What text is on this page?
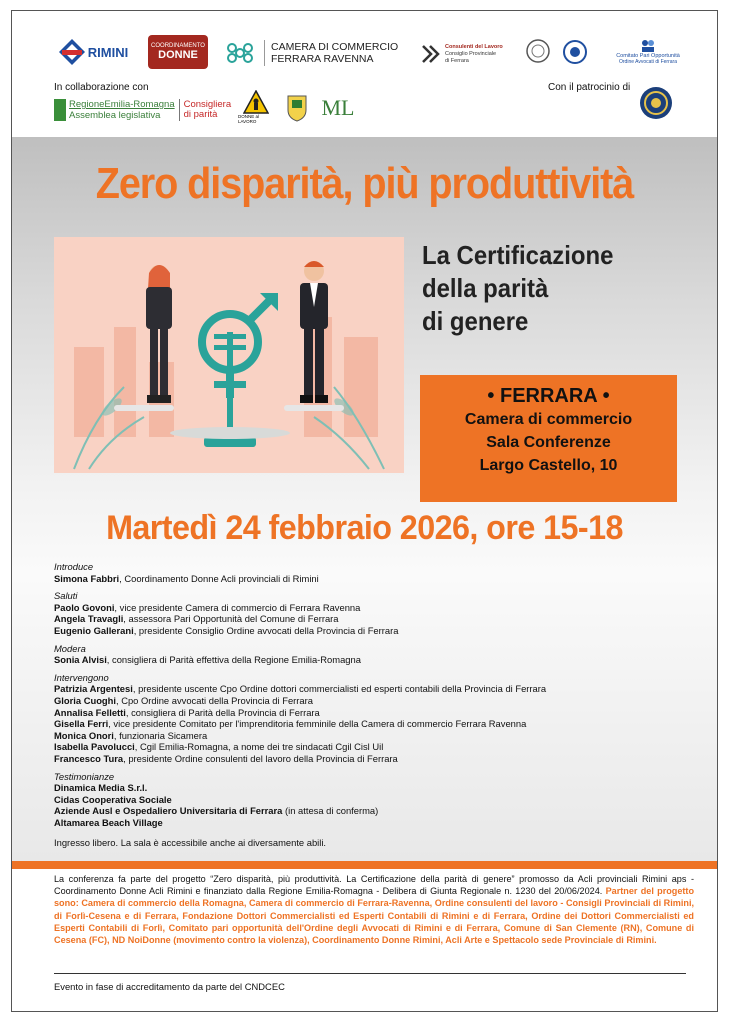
RIMINI	COORDINAMENTO
DONNE
CAMERA DI COMMERCIO
FERRARA RAVENNA
Consulenti del Lavoro
Consiglio Provinciale
di Ferrara
Comitato Pari Opportunità
Ordine Avvocati di Ferrara
In collaborazione con	Con il patrocinio di
RegioneEmilia-Romagna
Assemblea legislativa
Consigliera di parità	DONNE al LAVORO
ML
Zero disparità, più produttività
La Certificazione
della parità
di genere
• FERRARA •
Camera di commercio
Sala Conferenze
Largo Castello, 10
Martedì 24 febbraio 2026, ore 15-18
Introduce
Simona Fabbri, Coordinamento Donne Acli provinciali di Rimini
Saluti
Paolo Govoni, vice presidente Camera di commercio di Ferrara Ravenna
Angela Travagli, assessora Pari Opportunità del Comune di Ferrara
Eugenio Gallerani, presidente Consiglio Ordine avvocati della Provincia di Ferrara
Modera
Sonia Alvisi, consigliera di Parità effettiva della Regione Emilia-Romagna
Intervengono
Patrizia Argentesi, presidente uscente Cpo Ordine dottori commercialisti ed esperti contabili della Provincia di Ferrara
Gloria Cuoghi, Cpo Ordine avvocati della Provincia di Ferrara
Annalisa Felletti, consigliera di Parità della Provincia di Ferrara
Gisella Ferri, vice presidente Comitato per l'imprenditoria femminile della Camera di commercio Ferrara Ravenna
Monica Onori, funzionaria Sicamera
Isabella Pavolucci, Cgil Emilia-Romagna, a nome dei tre sindacati Cgil Cisl Uil
Francesco Tura, presidente Ordine consulenti del lavoro della Provincia di Ferrara
Testimonianze
Dinamica Media S.r.l.
Cidas Cooperativa Sociale
Aziende Ausl e Ospedaliero Universitaria di Ferrara (in attesa di conferma)
Altamarea Beach Village
Ingresso libero. La sala è accessibile anche ai diversamente abili.
La conferenza fa parte del progetto “Zero disparità, più produttività. La Certificazione della parità di genere” promosso da Acli provinciali Rimini aps - Coordinamento Donne Acli Rimini e finanziato dalla Regione Emilia-Romagna - Delibera di Giunta Regionale n. 1230 del 20/06/2024. Partner del progetto sono: Camera di commercio della Romagna, Camera di commercio di Ferrara-Ravenna, Ordine consulenti del lavoro - Consigli Provinciali di Rimini, di Forlì-Cesena e di Ferrara, Fondazione Dottori Commercialisti ed Esperti Contabili di Rimini e di Ferrara, Ordine dei Dottori Commercialisti ed Esperti Contabili di Forlì, Comitato pari opportunità dell'Ordine degli Avvocati di Rimini e di Ferrara, Comune di San Clemente (RN), Comune di Cesena (FC), ND NoiDonne (movimento contro la violenza), Coordinamento Donne Rimini, Acli Arte e Spettacolo sede Provinciale di Rimini.
Evento in fase di accreditamento da parte del CNDCEC
